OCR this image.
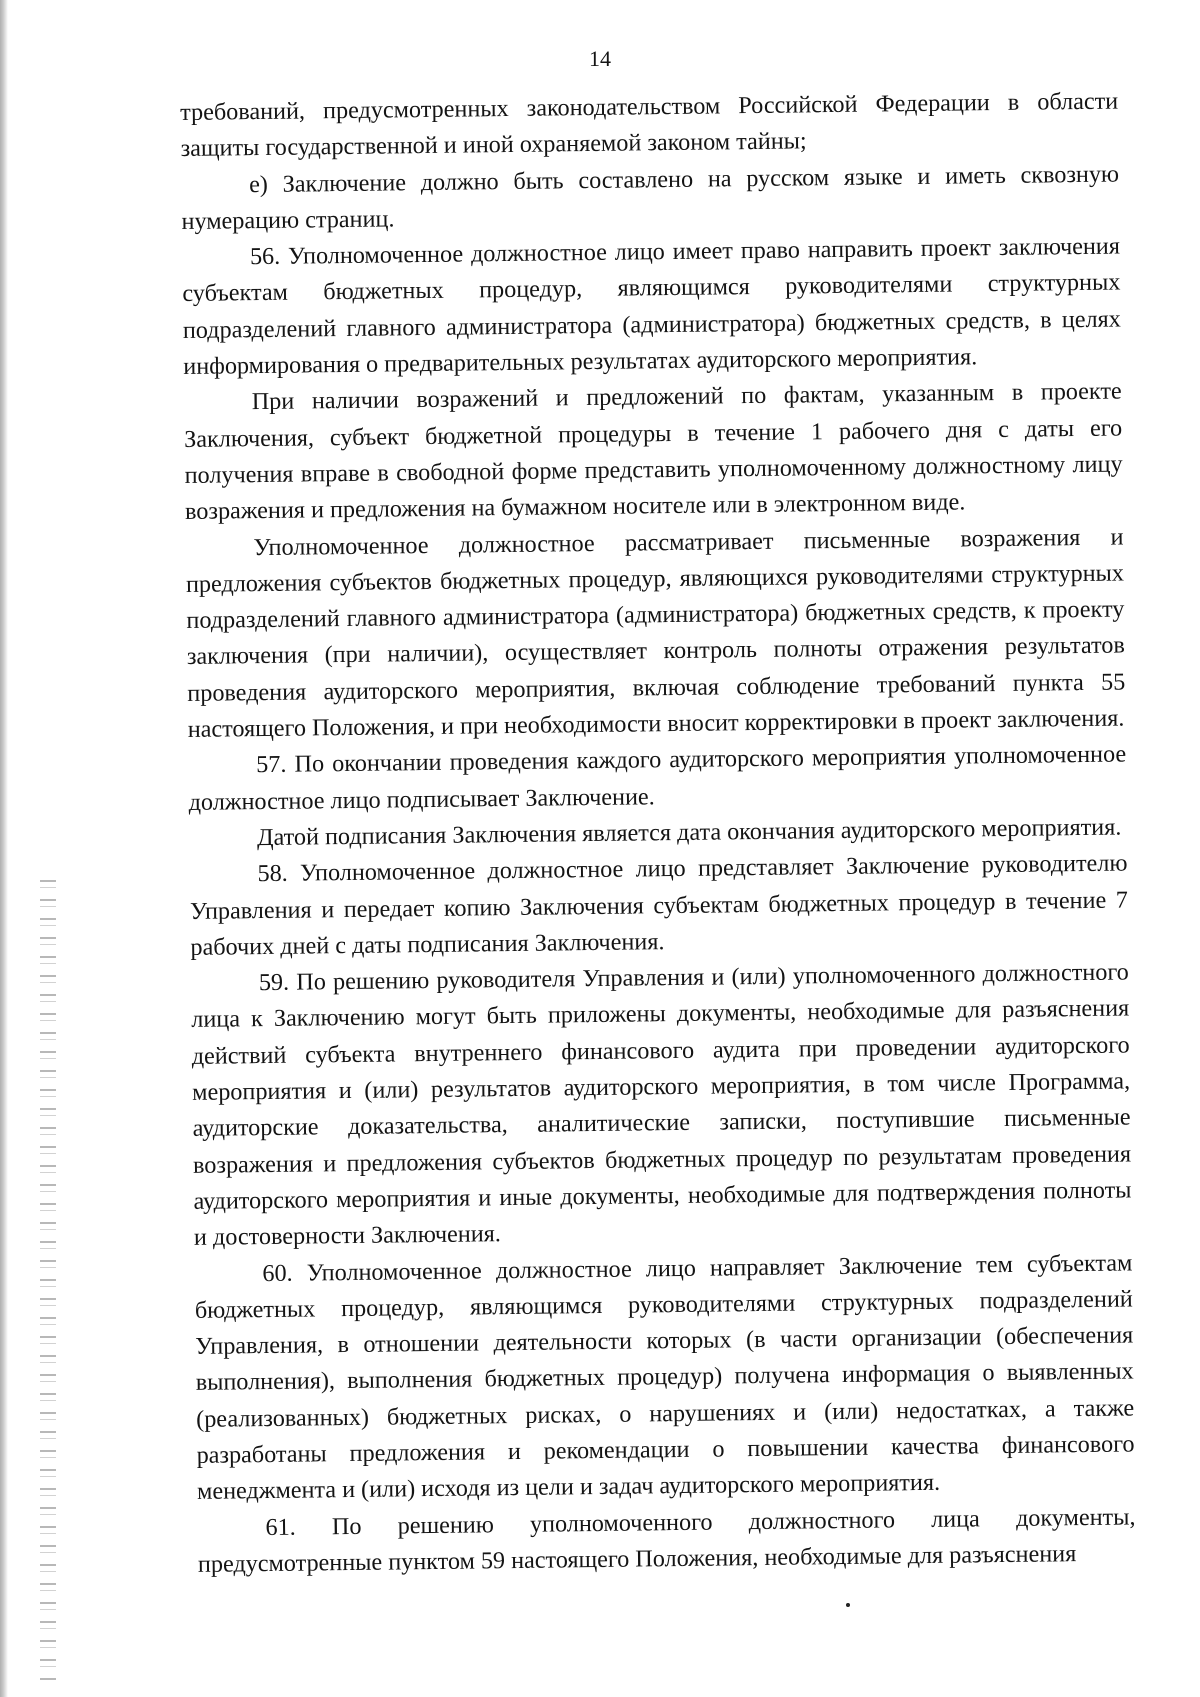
14

требований, предусмотренных законодательством Российской Федерации в области защиты государственной и иной охраняемой законом тайны;

е) Заключение должно быть составлено на русском языке и иметь сквозную нумерацию страниц.

56. Уполномоченное должностное лицо имеет право направить проект заключения субъектам бюджетных процедур, являющимся руководителями структурных подразделений главного администратора (администратора) бюджетных средств, в целях информирования о предварительных результатах аудиторского мероприятия.

При наличии возражений и предложений по фактам, указанным в проекте Заключения, субъект бюджетной процедуры в течение 1 рабочего дня с даты его получения вправе в свободной форме представить уполномоченному должностному лицу возражения и предложения на бумажном носителе или в электронном виде.

Уполномоченное должностное рассматривает письменные возражения и предложения субъектов бюджетных процедур, являющихся руководителями структурных подразделений главного администратора (администратора) бюджетных средств, к проекту заключения (при наличии), осуществляет контроль полноты отражения результатов проведения аудиторского мероприятия, включая соблюдение требований пункта 55 настоящего Положения, и при необходимости вносит корректировки в проект заключения.

57. По окончании проведения каждого аудиторского мероприятия уполномоченное должностное лицо подписывает Заключение.

Датой подписания Заключения является дата окончания аудиторского мероприятия.

58. Уполномоченное должностное лицо представляет Заключение руководителю Управления и передает копию Заключения субъектам бюджетных процедур в течение 7 рабочих дней с даты подписания Заключения.

59. По решению руководителя Управления и (или) уполномоченного должностного лица к Заключению могут быть приложены документы, необходимые для разъяснения действий субъекта внутреннего финансового аудита при проведении аудиторского мероприятия и (или) результатов аудиторского мероприятия, в том числе Программа, аудиторские доказательства, аналитические записки, поступившие письменные возражения и предложения субъектов бюджетных процедур по результатам проведения аудиторского мероприятия и иные документы, необходимые для подтверждения полноты и достоверности Заключения.

60. Уполномоченное должностное лицо направляет Заключение тем субъектам бюджетных процедур, являющимся руководителями структурных подразделений Управления, в отношении деятельности которых (в части организации (обеспечения выполнения), выполнения бюджетных процедур) получена информация о выявленных (реализованных) бюджетных рисках, о нарушениях и (или) недостатках, а также разработаны предложения и рекомендации о повышении качества финансового менеджмента и (или) исходя из цели и задач аудиторского мероприятия.

61. По решению уполномоченного должностного лица документы, предусмотренные пунктом 59 настоящего Положения, необходимые для разъяснения
